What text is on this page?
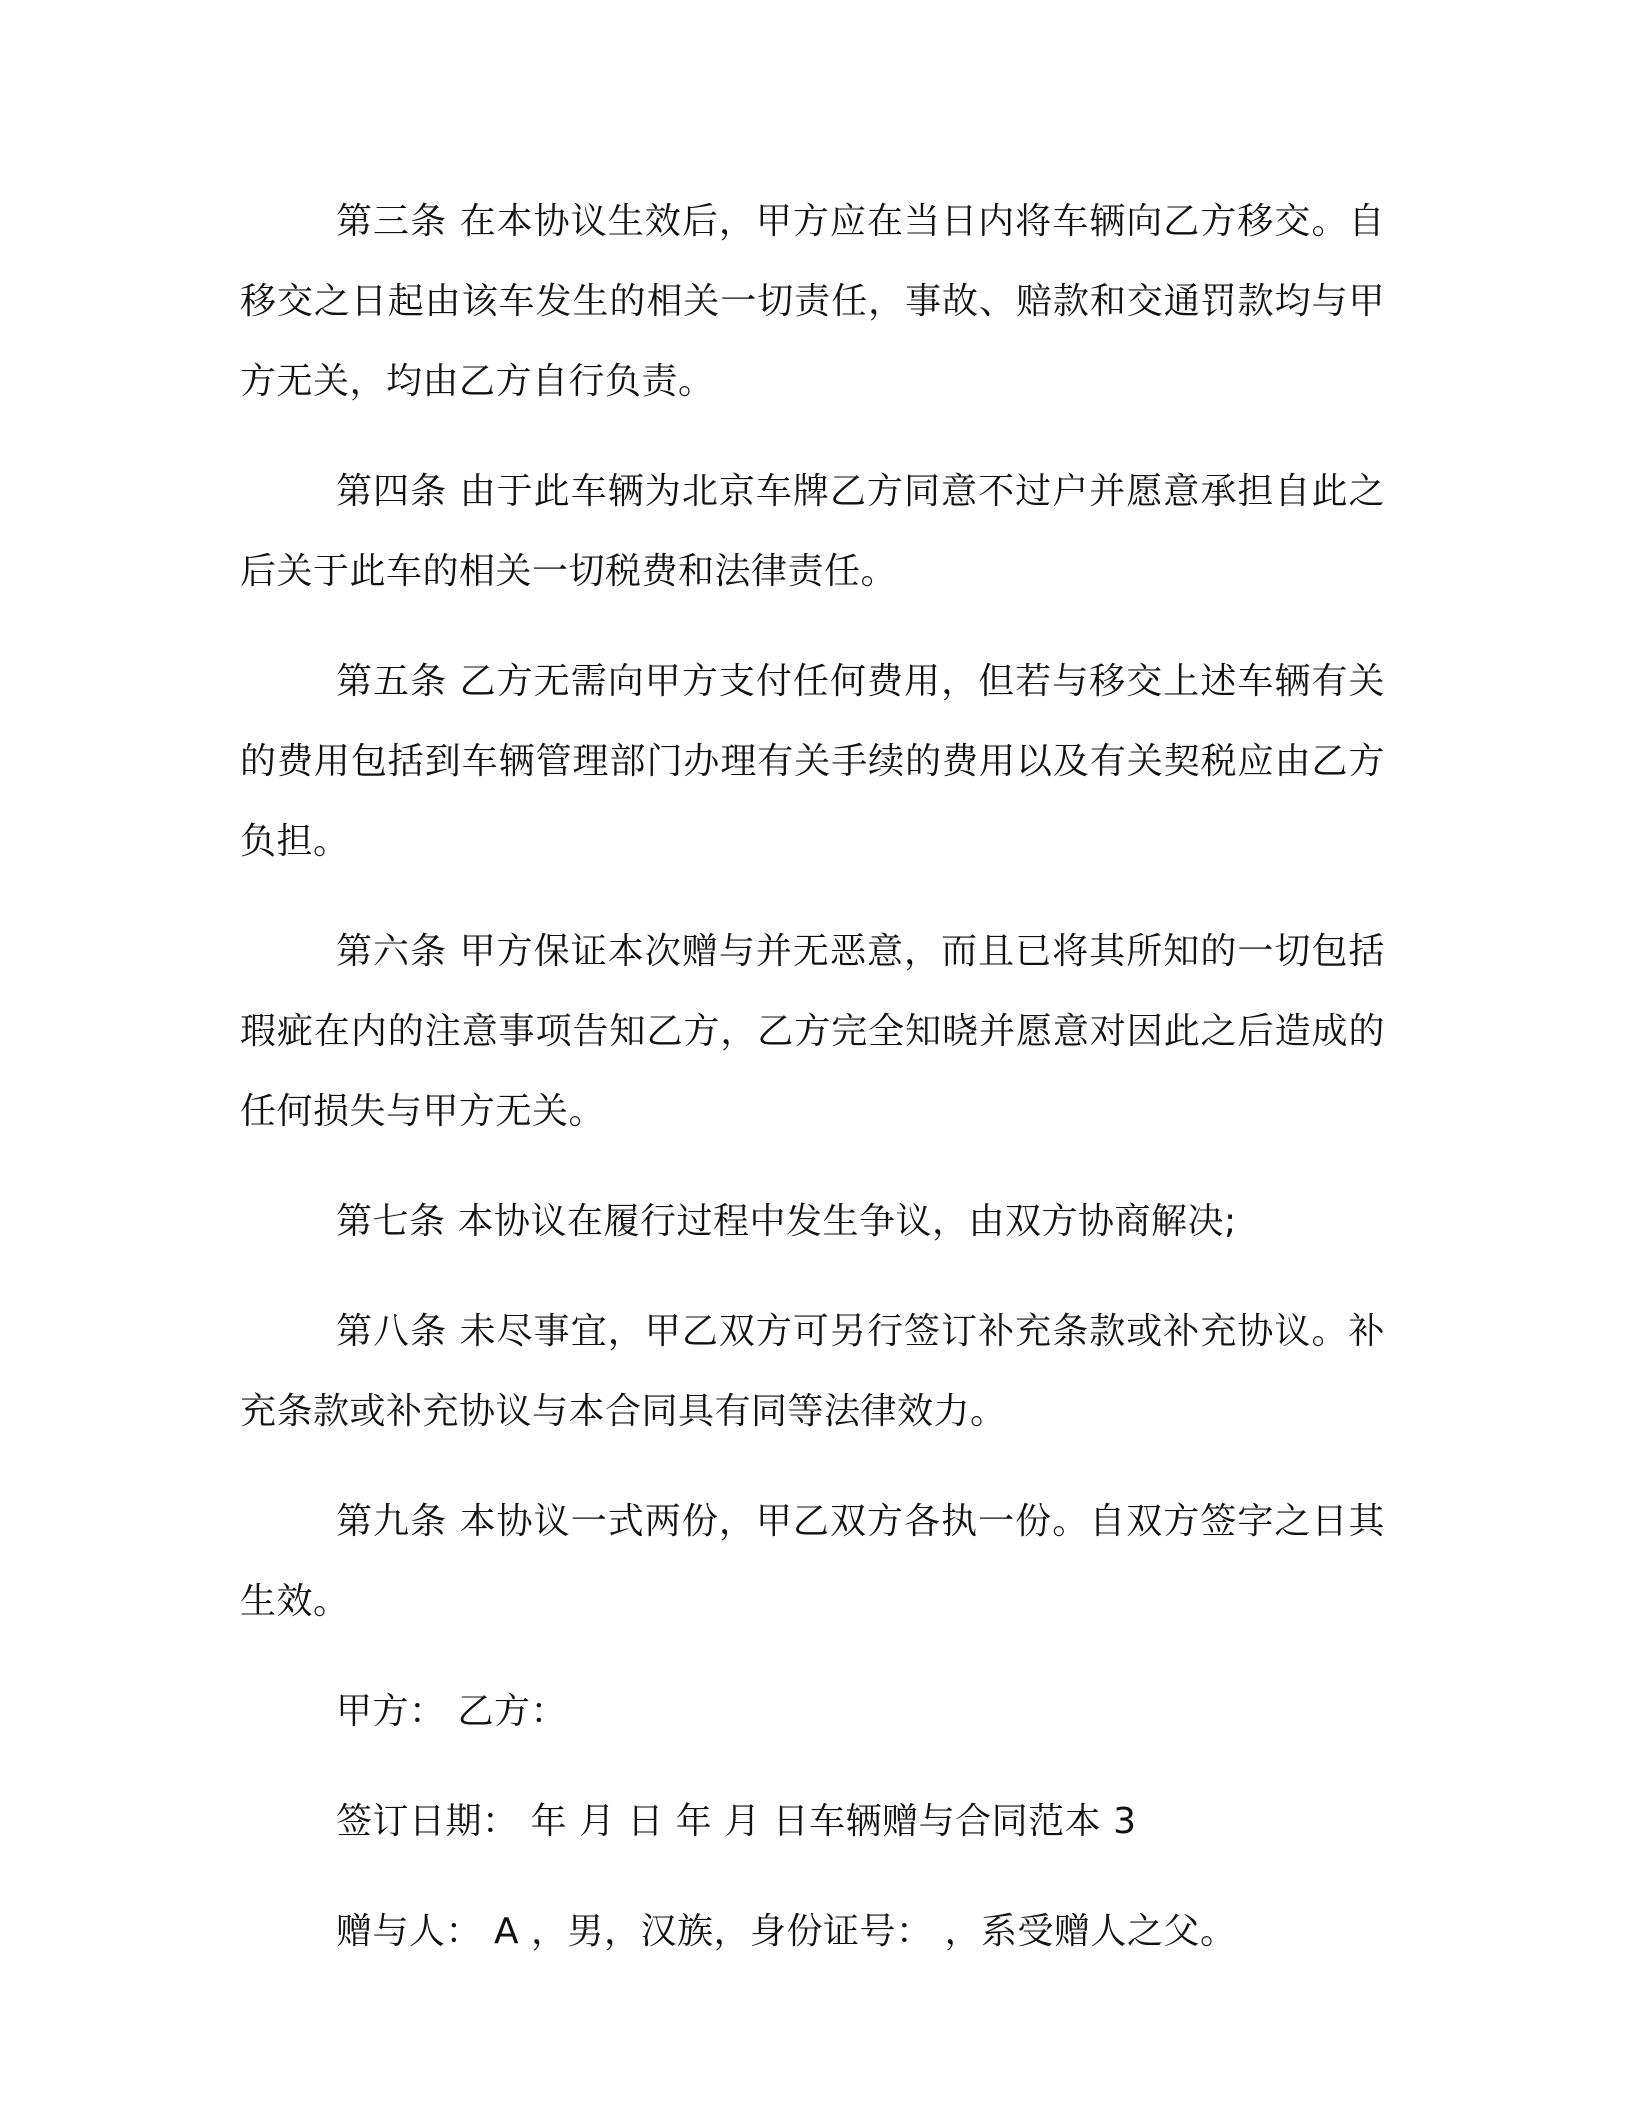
第三条 在本协议生效后，甲方应在当日内将车辆向乙方移交。自移交之日起由该车发生的相关一切责任，事故、赔款和交通罚款均与甲方无关，均由乙方自行负责。

第四条 由于此车辆为北京车牌乙方同意不过户并愿意承担自此之后关于此车的相关一切税费和法律责任。

第五条 乙方无需向甲方支付任何费用，但若与移交上述车辆有关的费用包括到车辆管理部门办理有关手续的费用以及有关契税应由乙方负担。

第六条 甲方保证本次赠与并无恶意，而且已将其所知的一切包括瑕疵在内的注意事项告知乙方，乙方完全知晓并愿意对因此之后造成的任何损失与甲方无关。

第七条 本协议在履行过程中发生争议，由双方协商解决;

第八条 未尽事宜，甲乙双方可另行签订补充条款或补充协议。补充条款或补充协议与本合同具有同等法律效力。

第九条 本协议一式两份，甲乙双方各执一份。自双方签字之日其生效。

甲方： 乙方：

签订日期： 年 月 日 年 月 日车辆赠与合同范本 3

赠与人： A ，男，汉族，身份证号： ，系受赠人之父。
